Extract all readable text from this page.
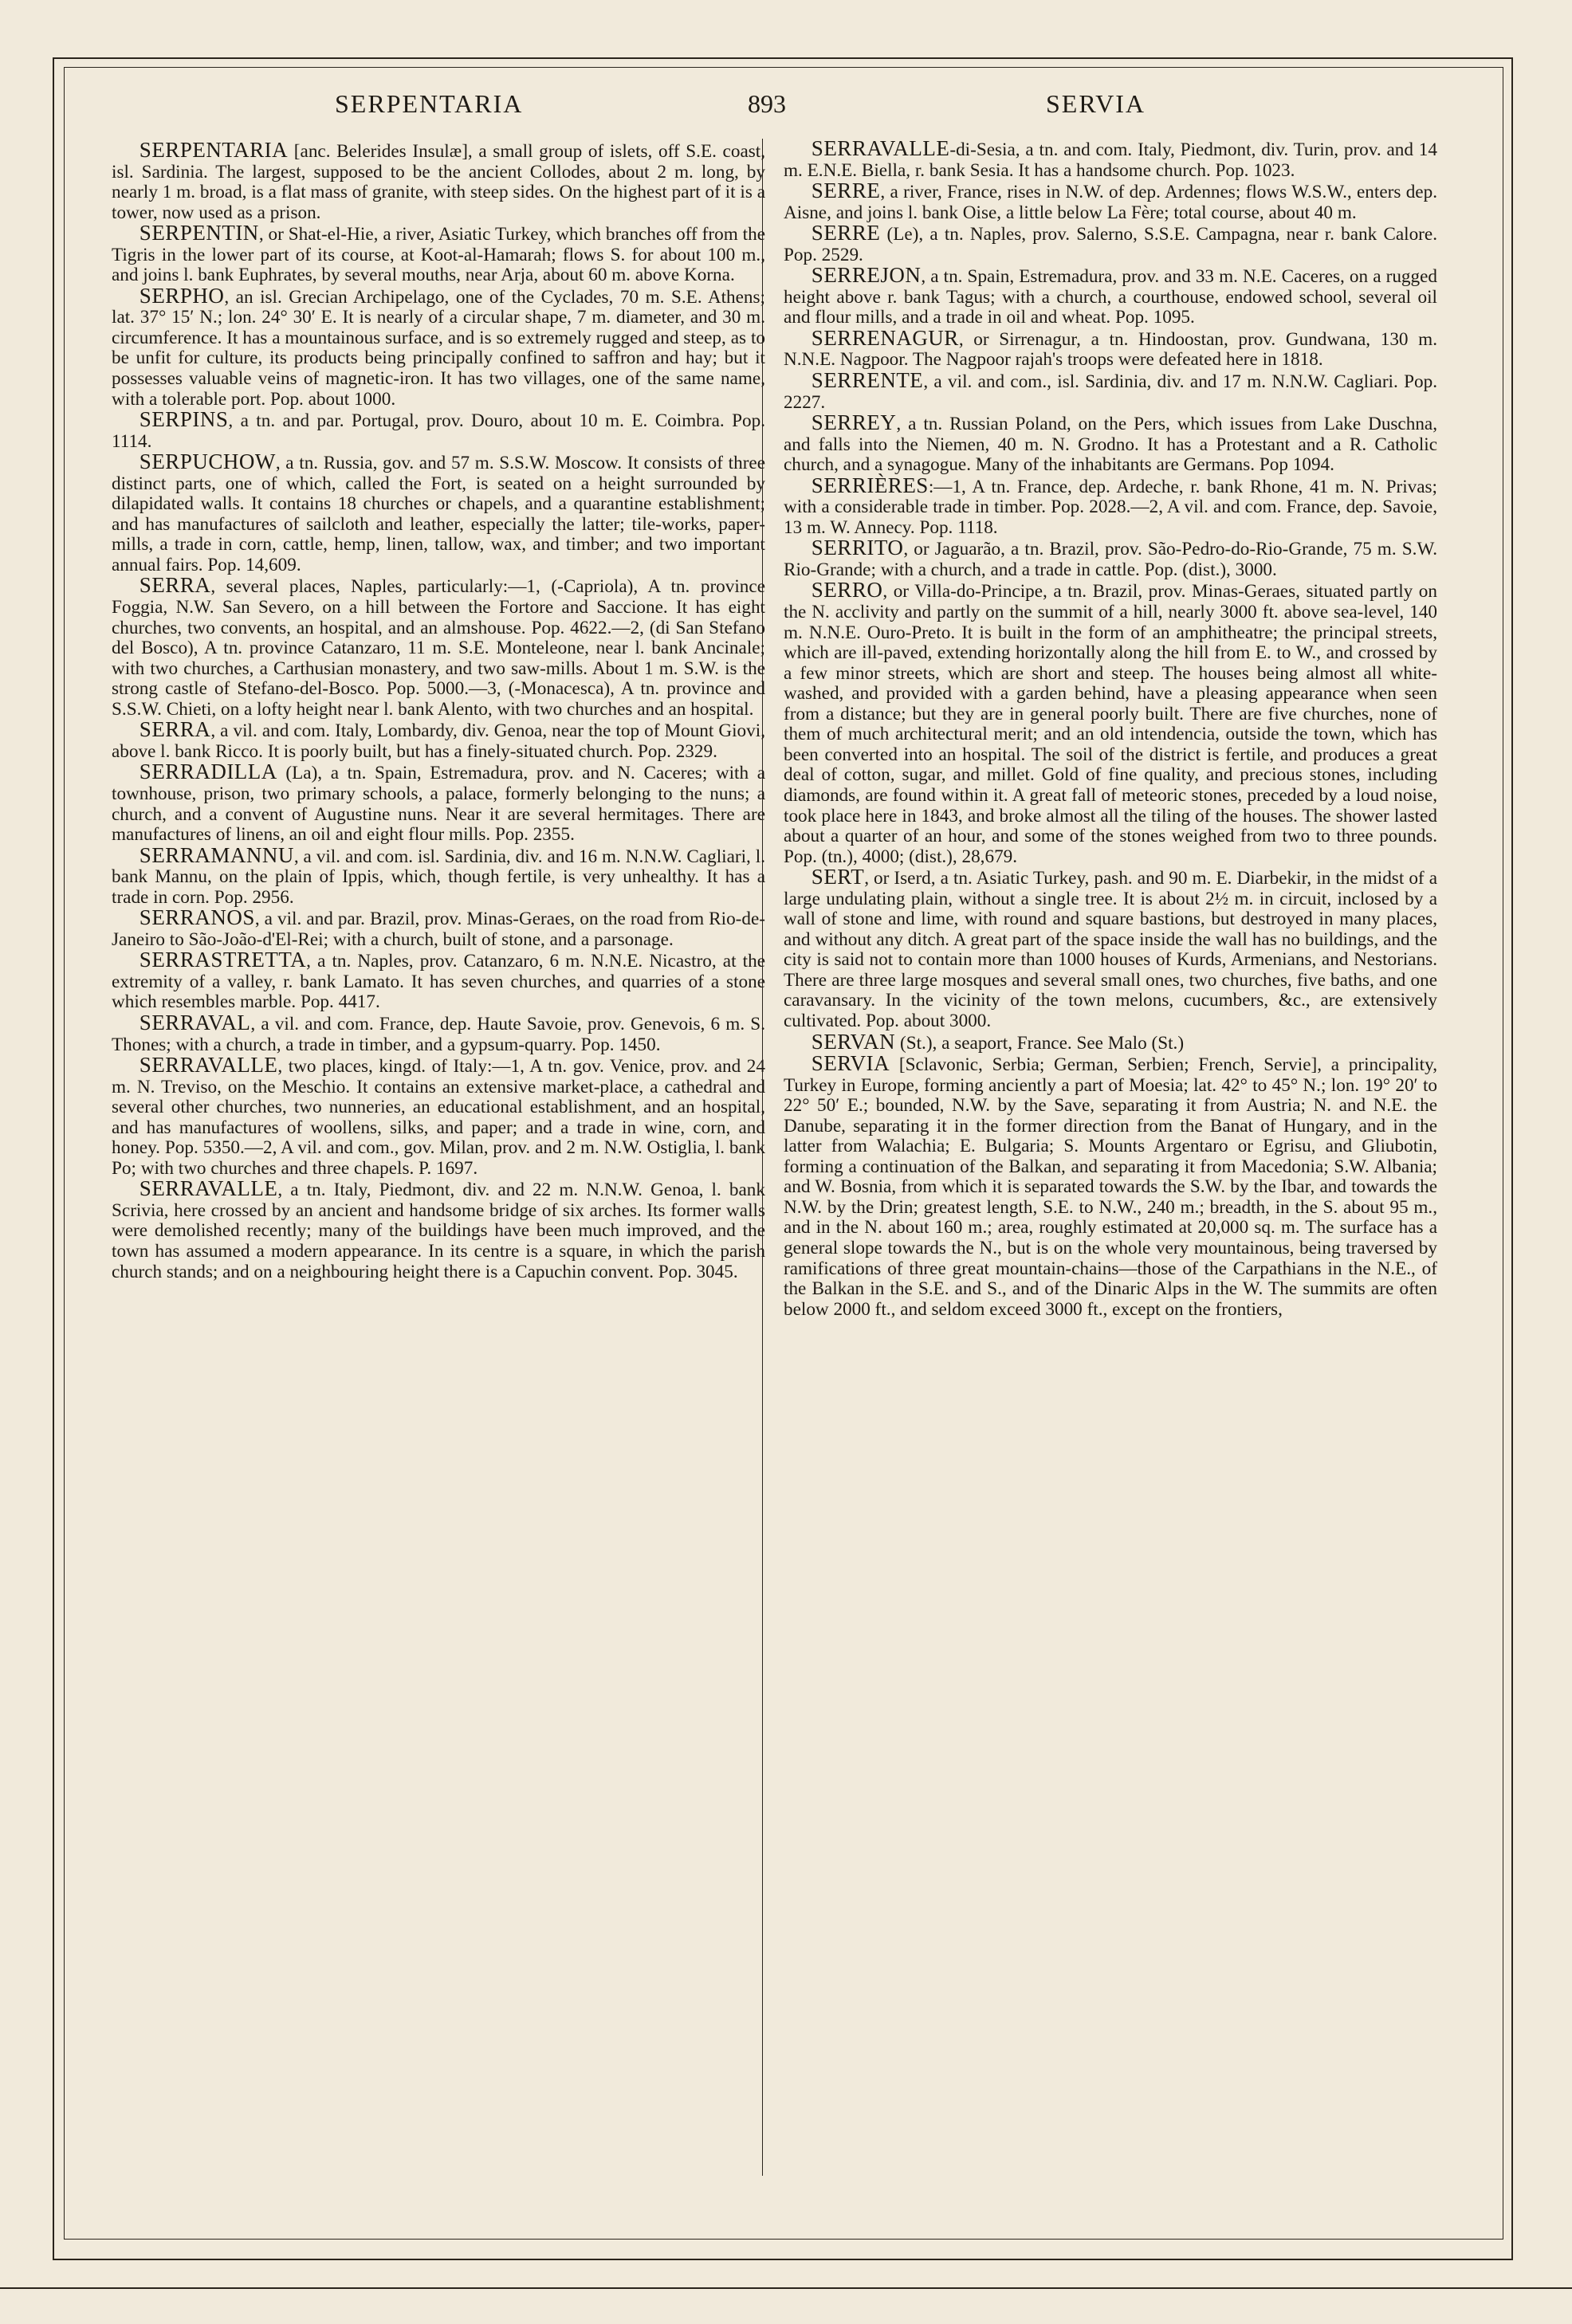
SERPENTARIA	893	SERVIA

SERPENTARIA [anc. Belerides Insulæ], a small group of islets, off S.E. coast, isl. Sardinia. The largest, supposed to be the ancient Collodes, about 2 m. long, by nearly 1 m. broad, is a flat mass of granite, with steep sides. On the highest part of it is a tower, now used as a prison.

SERPENTIN, or Shat-el-Hie, a river, Asiatic Turkey, which branches off from the Tigris in the lower part of its course, at Koot-al-Hamarah; flows S. for about 100 m., and joins l. bank Euphrates, by several mouths, near Arja, about 60 m. above Korna.

SERPHO, an isl. Grecian Archipelago, one of the Cyclades, 70 m. S.E. Athens; lat. 37° 15′ N.; lon. 24° 30′ E. It is nearly of a circular shape, 7 m. diameter, and 30 m. circumference. It has a mountainous surface, and is so extremely rugged and steep, as to be unfit for culture, its products being principally confined to saffron and hay; but it possesses valuable veins of magnetic-iron. It has two villages, one of the same name, with a tolerable port. Pop. about 1000.

SERPINS, a tn. and par. Portugal, prov. Douro, about 10 m. E. Coimbra. Pop. 1114.

SERPUCHOW, a tn. Russia, gov. and 57 m. S.S.W. Moscow. It consists of three distinct parts, one of which, called the Fort, is seated on a height surrounded by dilapidated walls. It contains 18 churches or chapels, and a quarantine establishment; and has manufactures of sailcloth and leather, especially the latter; tile-works, paper-mills, a trade in corn, cattle, hemp, linen, tallow, wax, and timber; and two important annual fairs. Pop. 14,609.

SERRA, several places, Naples, particularly:—1, (-Capriola), A tn. province Foggia, N.W. San Severo, on a hill between the Fortore and Saccione. It has eight churches, two convents, an hospital, and an almshouse. Pop. 4622.—2, (di San Stefano del Bosco), A tn. province Catanzaro, 11 m. S.E. Monteleone, near l. bank Ancinale; with two churches, a Carthusian monastery, and two saw-mills. About 1 m. S.W. is the strong castle of Stefano-del-Bosco. Pop. 5000.—3, (-Monacesca), A tn. province and S.S.W. Chieti, on a lofty height near l. bank Alento, with two churches and an hospital.

SERRA, a vil. and com. Italy, Lombardy, div. Genoa, near the top of Mount Giovi, above l. bank Ricco. It is poorly built, but has a finely-situated church. Pop. 2329.

SERRADILLA (La), a tn. Spain, Estremadura, prov. and N. Caceres; with a townhouse, prison, two primary schools, a palace, formerly belonging to the nuns; a church, and a convent of Augustine nuns. Near it are several hermitages. There are manufactures of linens, an oil and eight flour mills. Pop. 2355.

SERRAMANNU, a vil. and com. isl. Sardinia, div. and 16 m. N.N.W. Cagliari, l. bank Mannu, on the plain of Ippis, which, though fertile, is very unhealthy. It has a trade in corn. Pop. 2956.

SERRANOS, a vil. and par. Brazil, prov. Minas-Geraes, on the road from Rio-de-Janeiro to São-João-d'El-Rei; with a church, built of stone, and a parsonage.

SERRASTRETTA, a tn. Naples, prov. Catanzaro, 6 m. N.N.E. Nicastro, at the extremity of a valley, r. bank Lamato. It has seven churches, and quarries of a stone which resembles marble. Pop. 4417.

SERRAVAL, a vil. and com. France, dep. Haute Savoie, prov. Genevois, 6 m. S. Thones; with a church, a trade in timber, and a gypsum-quarry. Pop. 1450.

SERRAVALLE, two places, kingd. of Italy:—1, A tn. gov. Venice, prov. and 24 m. N. Treviso, on the Meschio. It contains an extensive market-place, a cathedral and several other churches, two nunneries, an educational establishment, and an hospital, and has manufactures of woollens, silks, and paper; and a trade in wine, corn, and honey. Pop. 5350.—2, A vil. and com., gov. Milan, prov. and 2 m. N.W. Ostiglia, l. bank Po; with two churches and three chapels. P. 1697.

SERRAVALLE, a tn. Italy, Piedmont, div. and 22 m. N.N.W. Genoa, l. bank Scrivia, here crossed by an ancient and handsome bridge of six arches. Its former walls were demolished recently; many of the buildings have been much improved, and the town has assumed a modern appearance. In its centre is a square, in which the parish church stands; and on a neighbouring height there is a Capuchin convent. Pop. 3045.

SERRAVALLE-di-Sesia, a tn. and com. Italy, Piedmont, div. Turin, prov. and 14 m. E.N.E. Biella, r. bank Sesia. It has a handsome church. Pop. 1023.

SERRE, a river, France, rises in N.W. of dep. Ardennes; flows W.S.W., enters dep. Aisne, and joins l. bank Oise, a little below La Fère; total course, about 40 m.

SERRE (Le), a tn. Naples, prov. Salerno, S.S.E. Campagna, near r. bank Calore. Pop. 2529.

SERREJON, a tn. Spain, Estremadura, prov. and 33 m. N.E. Caceres, on a rugged height above r. bank Tagus; with a church, a courthouse, endowed school, several oil and flour mills, and a trade in oil and wheat. Pop. 1095.

SERRENAGUR, or Sirrenagur, a tn. Hindoostan, prov. Gundwana, 130 m. N.N.E. Nagpoor. The Nagpoor rajah's troops were defeated here in 1818.

SERRENTE, a vil. and com., isl. Sardinia, div. and 17 m. N.N.W. Cagliari. Pop. 2227.

SERREY, a tn. Russian Poland, on the Pers, which issues from Lake Duschna, and falls into the Niemen, 40 m. N. Grodno. It has a Protestant and a R. Catholic church, and a synagogue. Many of the inhabitants are Germans. Pop 1094.

SERRIÈRES:—1, A tn. France, dep. Ardeche, r. bank Rhone, 41 m. N. Privas; with a considerable trade in timber. Pop. 2028.—2, A vil. and com. France, dep. Savoie, 13 m. W. Annecy. Pop. 1118.

SERRITO, or Jaguarão, a tn. Brazil, prov. São-Pedro-do-Rio-Grande, 75 m. S.W. Rio-Grande; with a church, and a trade in cattle. Pop. (dist.), 3000.

SERRO, or Villa-do-Principe, a tn. Brazil, prov. Minas-Geraes, situated partly on the N. acclivity and partly on the summit of a hill, nearly 3000 ft. above sea-level, 140 m. N.N.E. Ouro-Preto. It is built in the form of an amphitheatre; the principal streets, which are ill-paved, extending horizontally along the hill from E. to W., and crossed by a few minor streets, which are short and steep. The houses being almost all white-washed, and provided with a garden behind, have a pleasing appearance when seen from a distance; but they are in general poorly built. There are five churches, none of them of much architectural merit; and an old intendencia, outside the town, which has been converted into an hospital. The soil of the district is fertile, and produces a great deal of cotton, sugar, and millet. Gold of fine quality, and precious stones, including diamonds, are found within it. A great fall of meteoric stones, preceded by a loud noise, took place here in 1843, and broke almost all the tiling of the houses. The shower lasted about a quarter of an hour, and some of the stones weighed from two to three pounds. Pop. (tn.), 4000; (dist.), 28,679.

SERT, or Iserd, a tn. Asiatic Turkey, pash. and 90 m. E. Diarbekir, in the midst of a large undulating plain, without a single tree. It is about 2½ m. in circuit, inclosed by a wall of stone and lime, with round and square bastions, but destroyed in many places, and without any ditch. A great part of the space inside the wall has no buildings, and the city is said not to contain more than 1000 houses of Kurds, Armenians, and Nestorians. There are three large mosques and several small ones, two churches, five baths, and one caravansary. In the vicinity of the town melons, cucumbers, &c., are extensively cultivated. Pop. about 3000.

SERVAN (St.), a seaport, France. See Malo (St.)

SERVIA [Sclavonic, Serbia; German, Serbien; French, Servie], a principality, Turkey in Europe, forming anciently a part of Moesia; lat. 42° to 45° N.; lon. 19° 20′ to 22° 50′ E.; bounded, N.W. by the Save, separating it from Austria; N. and N.E. the Danube, separating it in the former direction from the Banat of Hungary, and in the latter from Walachia; E. Bulgaria; S. Mounts Argentaro or Egrisu, and Gliubotin, forming a continuation of the Balkan, and separating it from Macedonia; S.W. Albania; and W. Bosnia, from which it is separated towards the S.W. by the Ibar, and towards the N.W. by the Drin; greatest length, S.E. to N.W., 240 m.; breadth, in the S. about 95 m., and in the N. about 160 m.; area, roughly estimated at 20,000 sq. m. The surface has a general slope towards the N., but is on the whole very mountainous, being traversed by ramifications of three great mountain-chains—those of the Carpathians in the N.E., of the Balkan in the S.E. and S., and of the Dinaric Alps in the W. The summits are often below 2000 ft., and seldom exceed 3000 ft., except on the frontiers,
